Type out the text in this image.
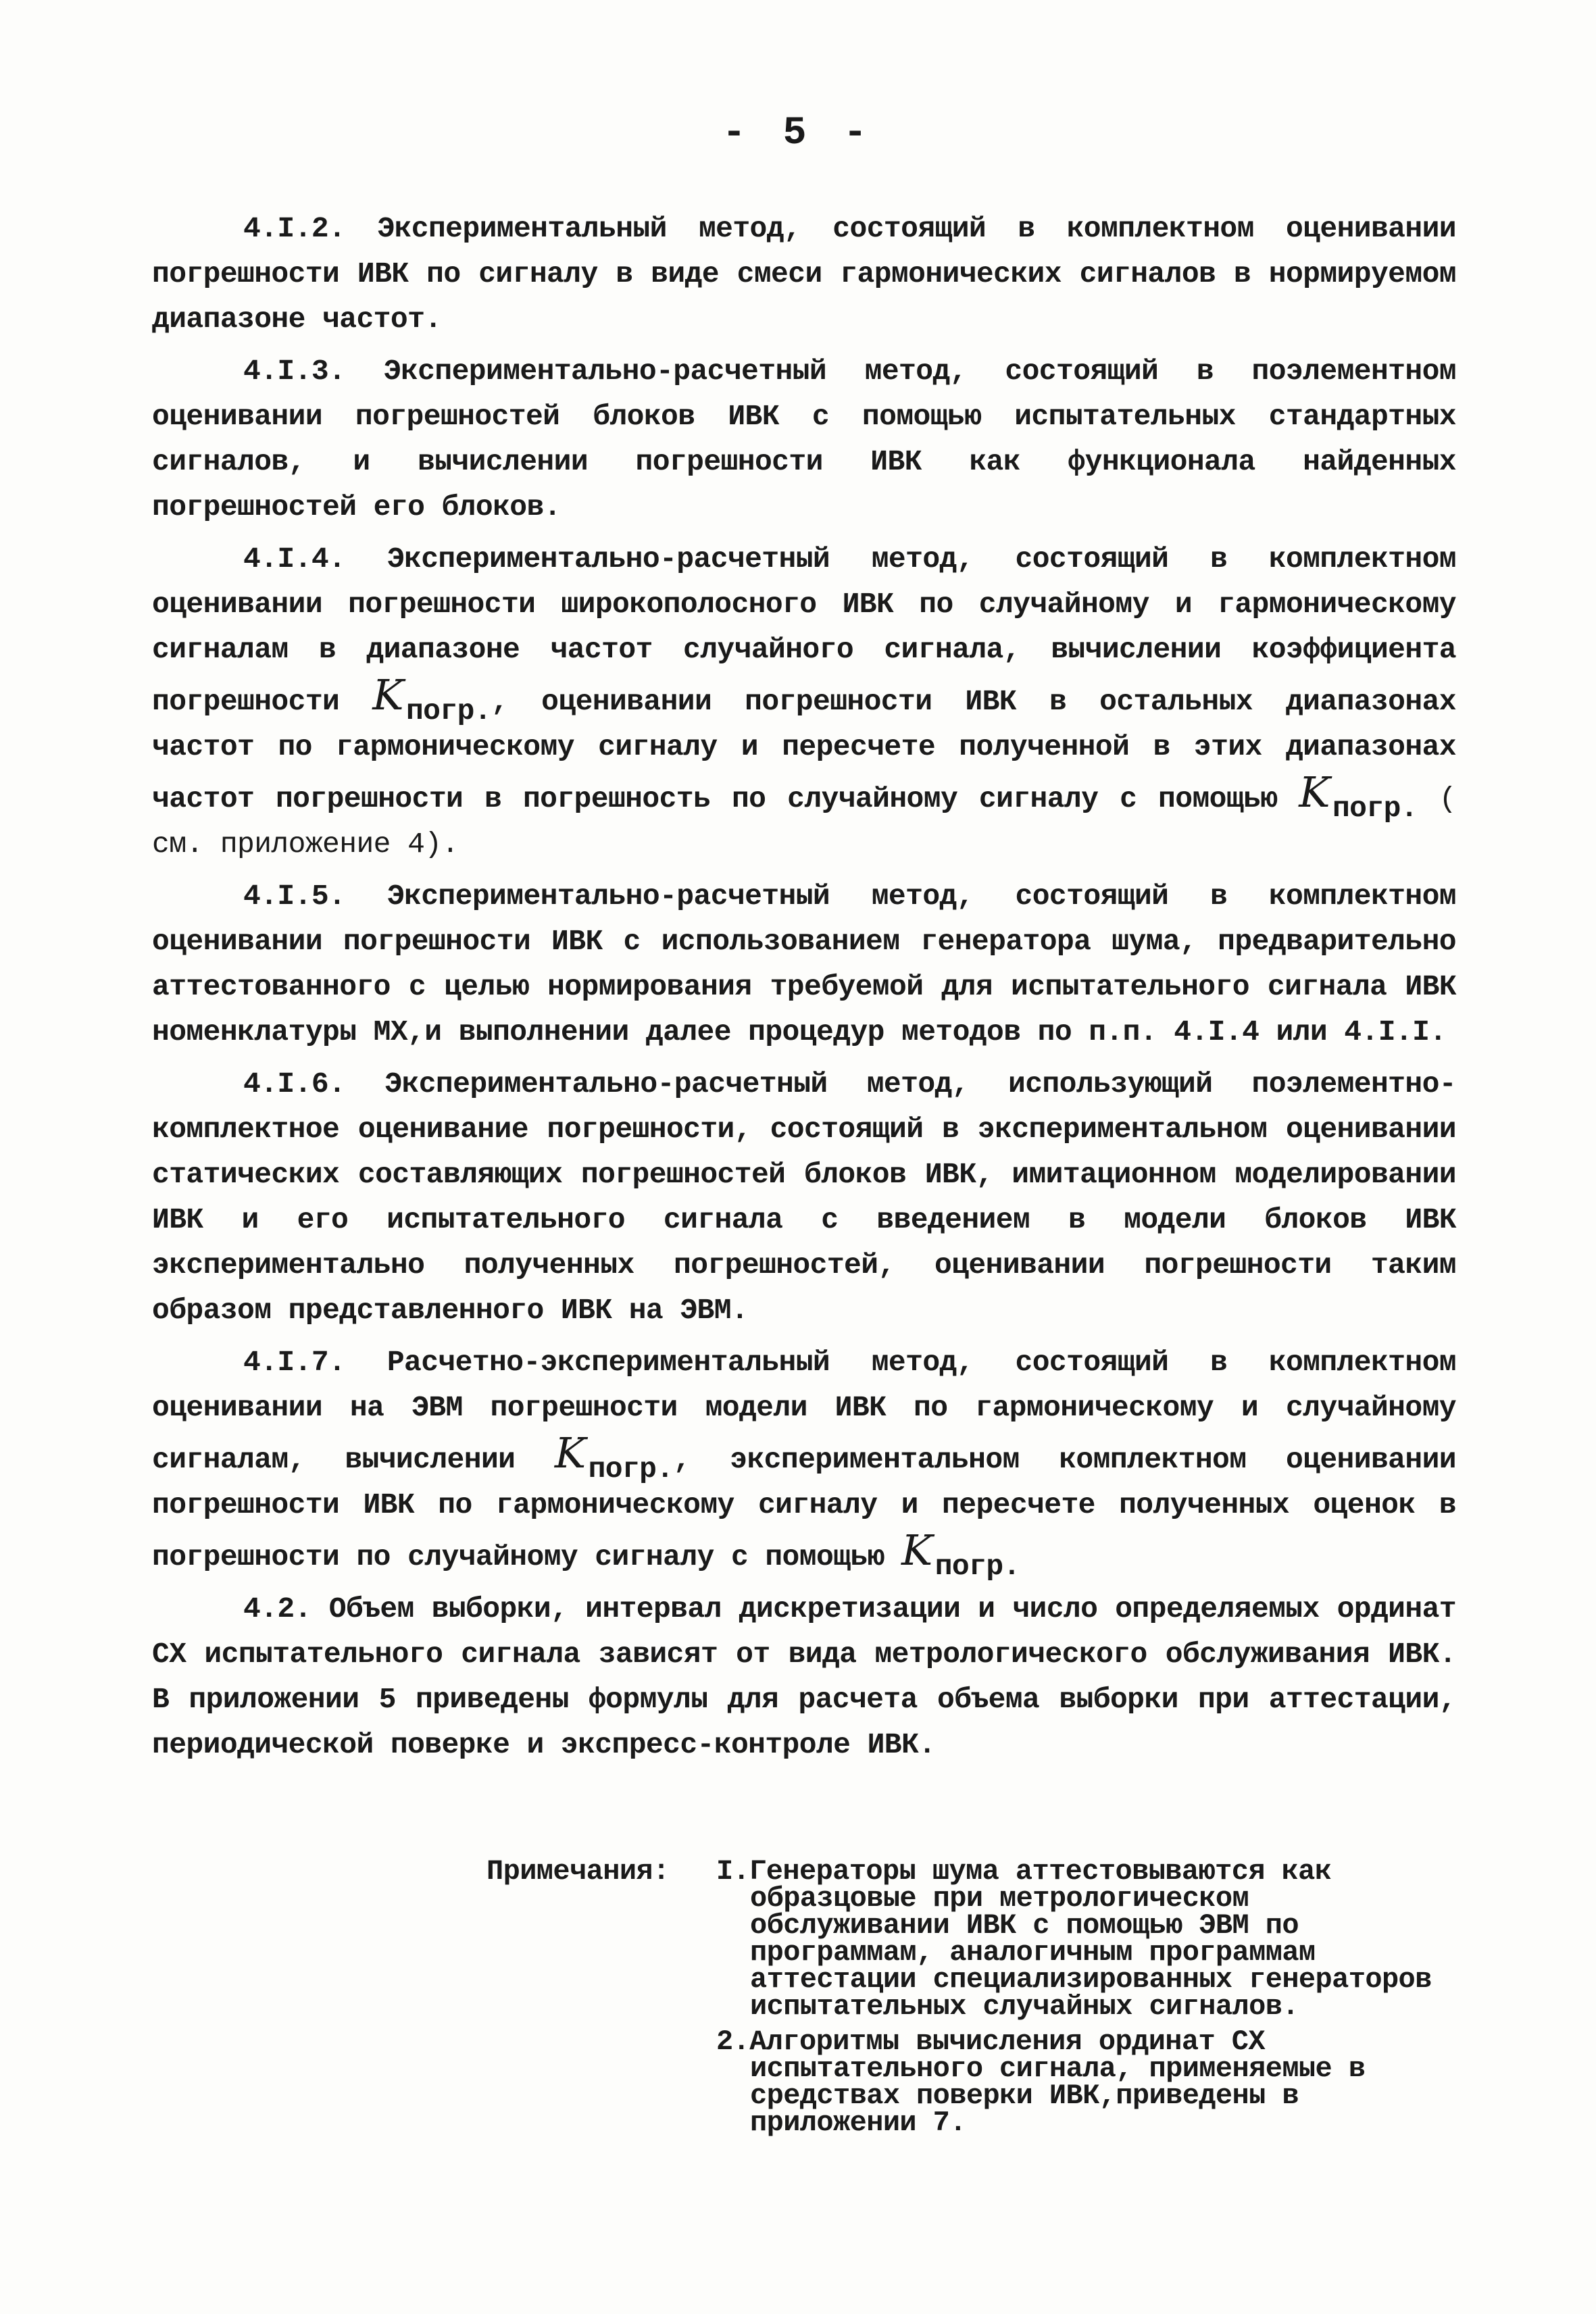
- 5 -

4.I.2. Экспериментальный метод, состоящий в комплектном оценивании погрешности ИВК по сигналу в виде смеси гармонических сигналов в нормируемом диапазоне частот.

4.I.3. Экспериментально-расчетный метод, состоящий в поэлементном оценивании погрешностей блоков ИВК с помощью испытательных стандартных сигналов, и вычислении погрешности ИВК как функционала найденных погрешностей его блоков.

4.I.4. Экспериментально-расчетный метод, состоящий в комплектном оценивании погрешности широкополосного ИВК по случайному и гармоническому сигналам в диапазоне частот случайного сигнала, вычислении коэффициента погрешности Kпогр., оценивании погрешности ИВК в остальных диапазонах частот по гармоническому сигналу и пересчете полученной в этих диапазонах частот погрешности в погрешность по случайному сигналу с помощью Kпогр. ( см. приложение 4).

4.I.5. Экспериментально-расчетный метод, состоящий в комплектном оценивании погрешности ИВК с использованием генератора шума, предварительно аттестованного с целью нормирования требуемой для испытательного сигнала ИВК номенклатуры МХ,и выполнении далее процедур методов по п.п. 4.I.4 или 4.I.I.

4.I.6. Экспериментально-расчетный метод, использующий поэлементно-комплектное оценивание погрешности, состоящий в экспериментальном оценивании статических составляющих погрешностей блоков ИВК, имитационном моделировании ИВК и его испытательного сигнала с введением в модели блоков ИВК экспериментально полученных погрешностей, оценивании погрешности таким образом представленного ИВК на ЭВМ.

4.I.7. Расчетно-экспериментальный метод, состоящий в комплектном оценивании на ЭВМ погрешности модели ИВК по гармоническому и случайному сигналам, вычислении Kпогр., экспериментальном комплектном оценивании погрешности ИВК по гармоническому сигналу и пересчете полученных оценок в погрешности по случайному сигналу с помощью Kпогр.

4.2. Объем выборки, интервал дискретизации и число определяемых ординат СХ испытательного сигнала зависят от вида метрологического обслуживания ИВК. В приложении 5 приведены формулы для расчета объема выборки при аттестации, периодической поверке и экспресс-контроле ИВК.

Примечания:	I.Генераторы шума аттестовываются как образцовые при метрологическом обслуживании ИВК с помощью ЭВМ по программам, аналогичным программам аттестации специализированных генераторов испытательных случайных сигналов.

2.Алгоритмы вычисления ординат СХ испытательного сигнала, применяемые в средствах поверки ИВК,приведены в приложении 7.
